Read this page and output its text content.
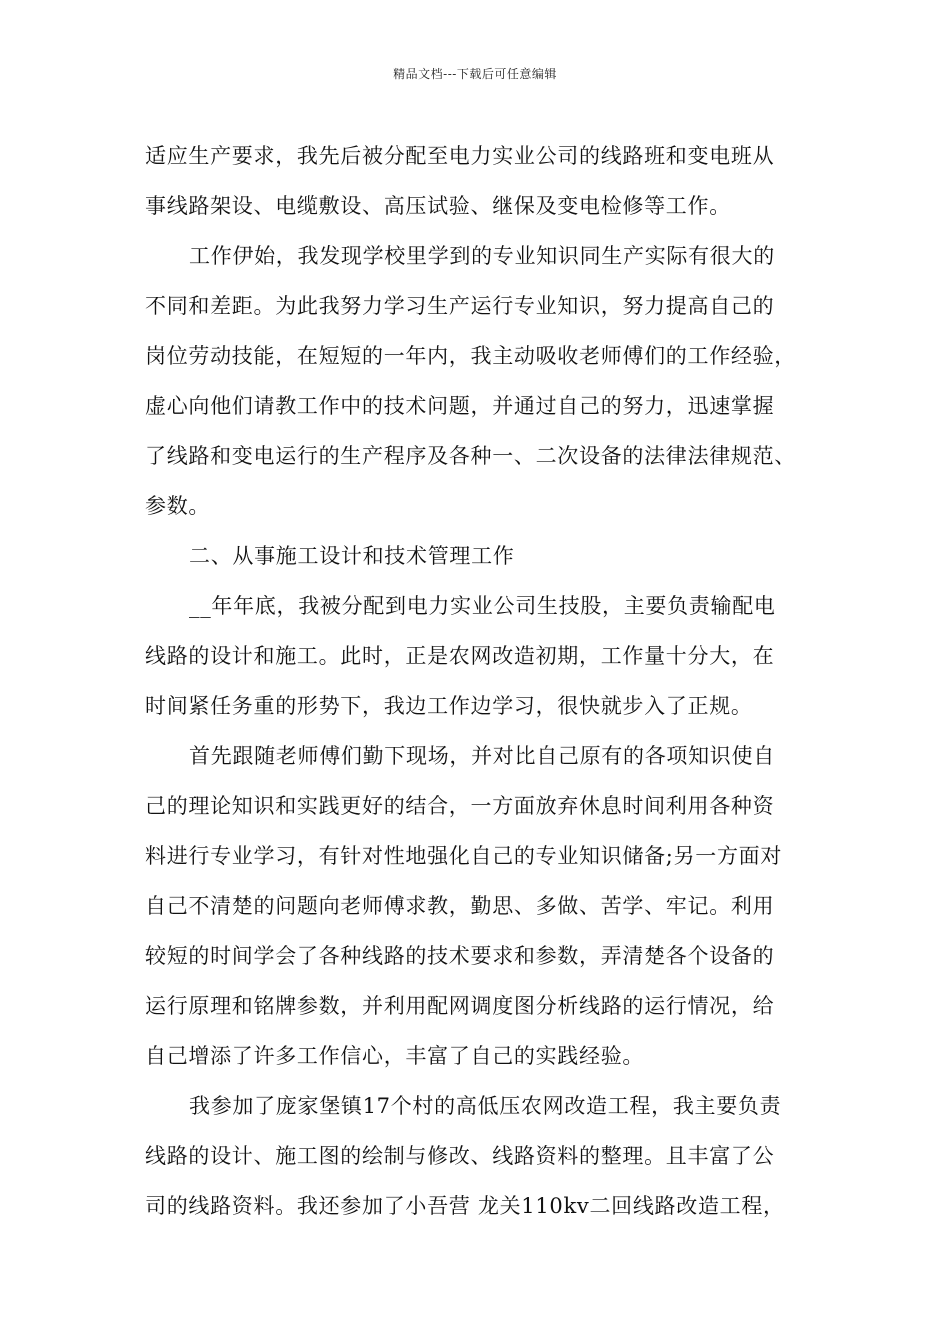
精品文档---下载后可任意编辑
适应生产要求，我先后被分配至电力实业公司的线路班和变电班从
事线路架设、电缆敷设、高压试验、继保及变电检修等工作。
工作伊始，我发现学校里学到的专业知识同生产实际有很大的
不同和差距。为此我努力学习生产运行专业知识，努力提高自己的
岗位劳动技能，在短短的一年内，我主动吸收老师傅们的工作经验，
虚心向他们请教工作中的技术问题，并通过自己的努力，迅速掌握
了线路和变电运行的生产程序及各种一、二次设备的法律法律规范、
参数。
二、从事施工设计和技术管理工作
__年年底，我被分配到电力实业公司生技股，主要负责输配电
线路的设计和施工。此时，正是农网改造初期，工作量十分大，在
时间紧任务重的形势下，我边工作边学习，很快就步入了正规。
首先跟随老师傅们勤下现场，并对比自己原有的各项知识使自
己的理论知识和实践更好的结合，一方面放弃休息时间利用各种资
料进行专业学习，有针对性地强化自己的专业知识储备;另一方面对
自己不清楚的问题向老师傅求教，勤思、多做、苦学、牢记。利用
较短的时间学会了各种线路的技术要求和参数，弄清楚各个设备的
运行原理和铭牌参数，并利用配网调度图分析线路的运行情况，给
自己增添了许多工作信心，丰富了自己的实践经验。
我参加了庞家堡镇17个村的高低压农网改造工程，我主要负责
线路的设计、施工图的绘制与修改、线路资料的整理。且丰富了公
司的线路资料。我还参加了小吾营 龙关110kv二回线路改造工程，
